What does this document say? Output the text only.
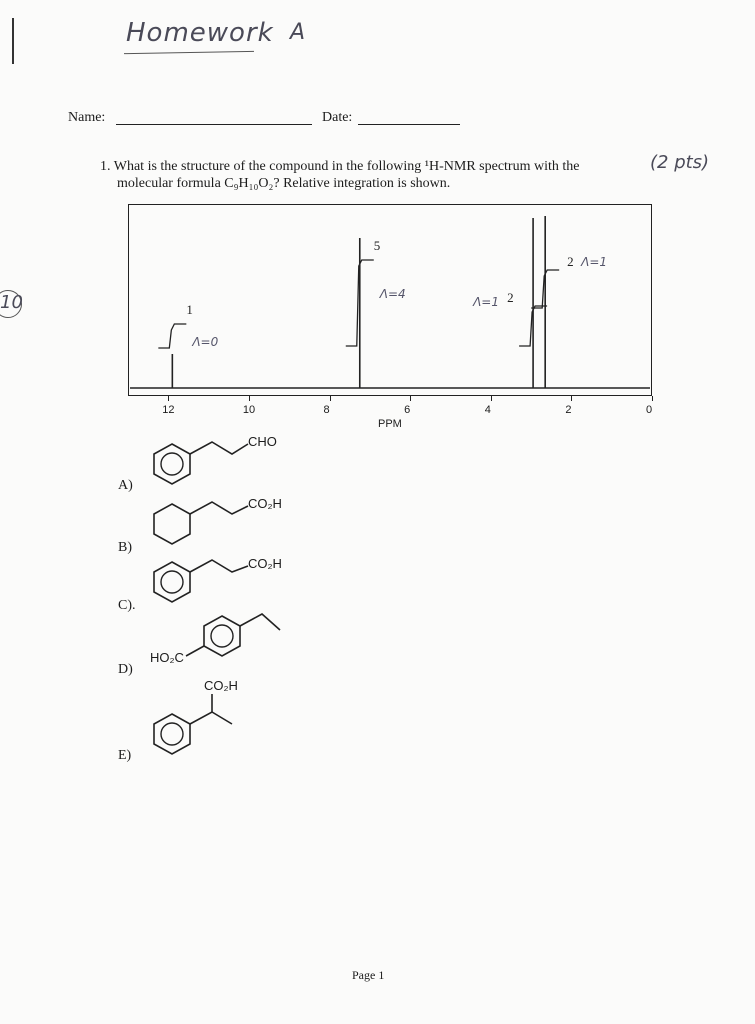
Homework A
Name:	Date:
1. What is the structure of the compound in the following ¹H-NMR spectrum with the
molecular formula C₉H₁₀O₂? Relative integration is shown.
(2 pts)
10	1
5
2
2
Λ=0
Λ=4
Λ=1
Λ=1
PPM
12	10	8	6	4	2	0
A)
B)
C).
D)
E)
CHO
CO₂H
CO₂H
HO₂C
CO₂H
Page 1
